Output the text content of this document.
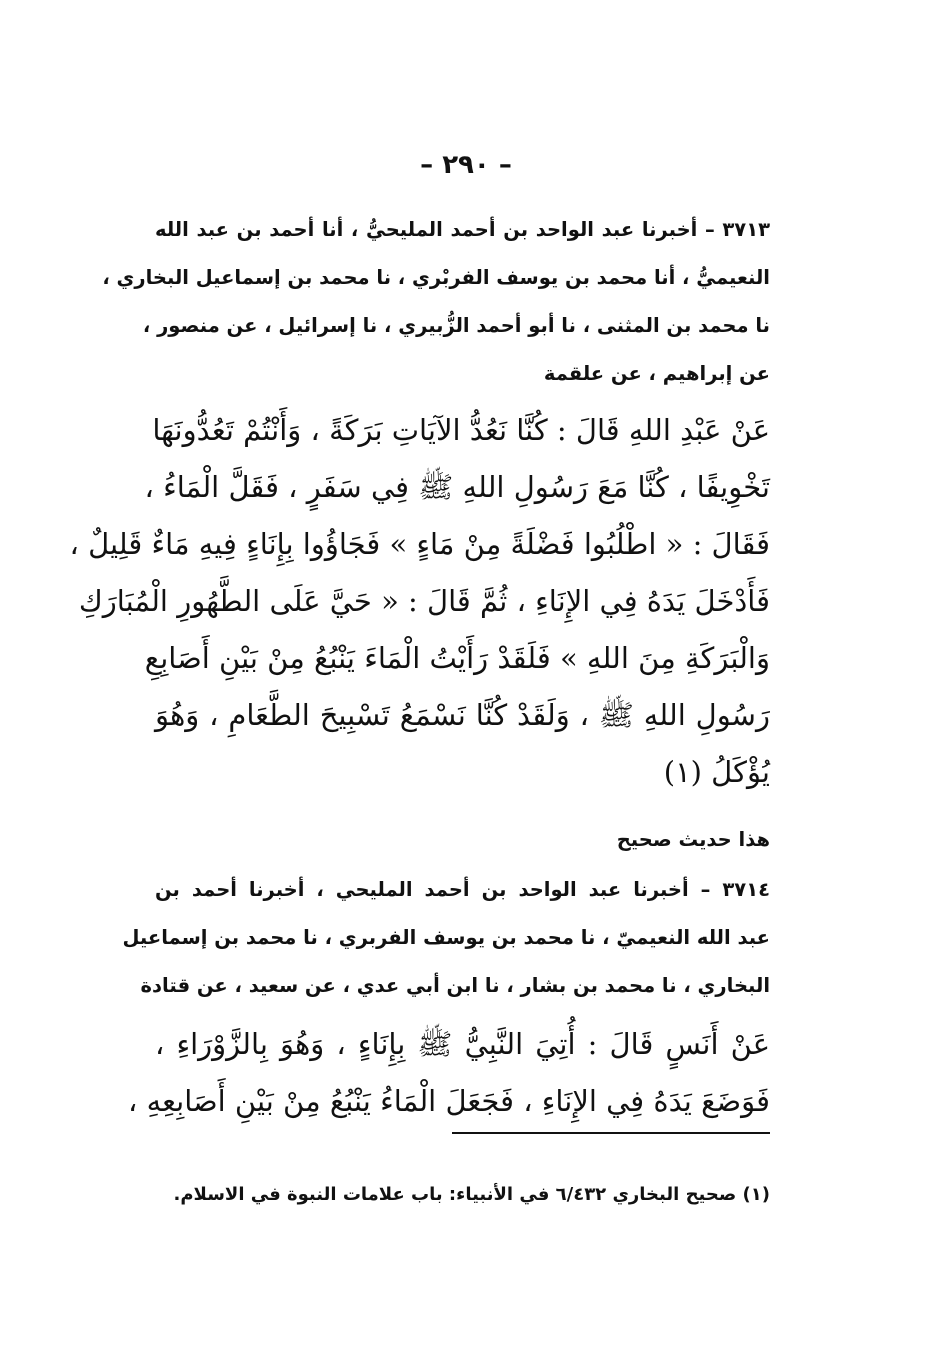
– ٢٩٠ –
٣٧١٣ – أخبرنا عبد الواحد بن أحمد المليحيُّ ، أنا أحمد بن عبد الله
النعيميُّ ، أنا محمد بن يوسف الفربْري ، نا محمد بن إسماعيل البخاري ،
نا محمد بن المثنى ، نا أبو أحمد الزُّبيري ، نا إسرائيل ، عن منصور ،
عن إبراهيم ، عن علقمة
عَنْ عَبْدِ اللهِ قَالَ : كُنَّا نَعُدُّ الآيَاتِ بَرَكَةً ، وَأَنْتُمْ تَعُدُّونَهَا
تَخْوِيفًا ، كُنَّا مَعَ رَسُولِ اللهِ ﷺ فِي سَفَرٍ ، فَقَلَّ الْمَاءُ ،
فَقَالَ : « اطْلُبُوا فَضْلَةً مِنْ مَاءٍ » فَجَاؤُوا بِإِنَاءٍ فِيهِ مَاءٌ قَلِيلٌ ،
فَأَدْخَلَ يَدَهُ فِي الإِنَاءِ ، ثُمَّ قَالَ : « حَيَّ عَلَى الطَّهُورِ الْمُبَارَكِ
وَالْبَرَكَةِ مِنَ اللهِ » فَلَقَدْ رَأَيْتُ الْمَاءَ يَنْبُعُ مِنْ بَيْنِ أَصَابِعِ
رَسُولِ اللهِ ﷺ ، وَلَقَدْ كُنَّا نَسْمَعُ تَسْبِيحَ الطَّعَامِ ، وَهُوَ
يُؤْكَلُ (١)
هذا حديث صحيح
٣٧١٤ – أخبرنا عبد الواحد بن أحمد المليحي ، أخبرنا أحمد بن
عبد الله النعيميّ ، نا محمد بن يوسف الفربري ، نا محمد بن إسماعيل
البخاري ، نا محمد بن بشار ، نا ابن أبي عدي ، عن سعيد ، عن قتادة
عَنْ أَنَسٍ قَالَ : أُتِيَ النَّبِيُّ ﷺ بِإِنَاءٍ ، وَهُوَ بِالزَّوْرَاءِ ،
فَوَضَعَ يَدَهُ فِي الإِنَاءِ ، فَجَعَلَ الْمَاءُ يَنْبُعُ مِنْ بَيْنِ أَصَابِعِهِ ،
(١) صحيح البخاري ٦/٤٣٢ في الأنبياء: باب علامات النبوة في الاسلام.
